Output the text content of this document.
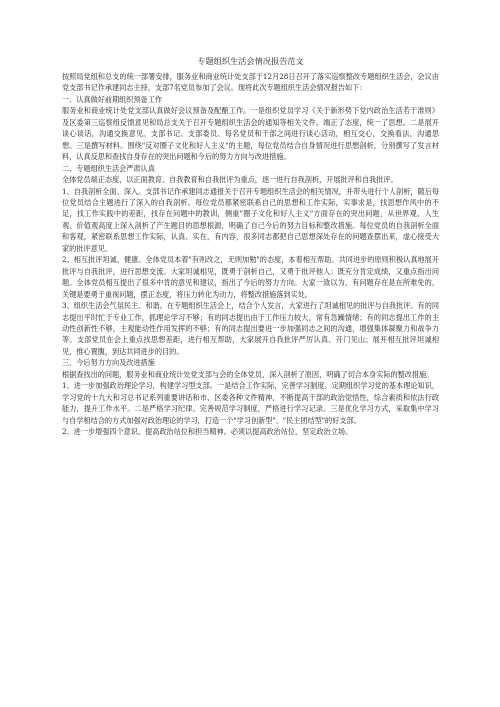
专题组织生活会情况报告范文

按照局党组和总支的统一部署安排，服务业和商业统计处支部于12月28日召开了落实巡察整改专题组织生活会，会议由党支部书记作承建同志主持，支部7名党员参加了会议。现将此次专题组织生活会情况报告如下：

一、认真做好前期组织预备工作

服务业和商业统计处党支部认真做好会议预备及配酿工作。一是组织党员学习《关于新形势下党内政治生活若干准则》及区委第三巡察组反馈意见和局总支关于召开专题组织生活会的通知等相关文件，端正了态度，统一了思想。二是展开谈心谈话，沟通交换意见。支部书记、支部委员、每名党员和干部之间进行谈心活动，相互交心，交换看法，沟通思想。三是撰写材料。围绕"反对圈子文化和好人主义"的主题，每位党员结合自身情况进行思想剖析，分别撰写了发言材料，认真反思和查找自身存在的突出问题和今后的努力方向与改进措施。

二、专题组织生活会严肃认真

全体党员端正态度，以正面教育、自我教育和自我批评为重点，逐一进行自我剖析，开展批评和自我批评。

1、自我剖析全面、深入。支部书记作承建同志通报关于召开专题组织生活会的相关情况，并带头进行个人剖析，随后每位党员结合主题进行了深入的自我剖析。每位党员都紧密联系自己的思想和工作实际，实事求是，找思想作风中的不足，找工作实践中的差距，找存在问题中的教训，侧重"圈子文化和好人主义"方面存在的突出问题，从世界观、人生观、价值观高度上深入剖析了产生题目的思想根源，明确了自己今后的努力目标和整改措施。每位党员的自我剖析全面和客观，紧密联系思想工作实际，认真、实在，有内容，很多同志都把自己思想深处存在的问题查摆出来，虚心接受大家的批评意见。

2、相互批评坦诚、健康。全体党员本着"有则改之，无则加勉"的态度，本着相互帮助、共同进步的原则积极认真地展开批评与自我批评，进行思想交流。大家坦诚相见，既勇于剖析自己，又勇于批评他人；既充分肯定成绩，又重点指出问题。全体党员相互提出了很多中肯的意见和建议，指出了今后的努力方向。大家一致以为，有问题存在是在所难免的，关键是要勇于重视问题，摆正态度，将压力转化为动力，将整改措施落到实处。

3、组织生活会气氛民主、和谐。在专题组织生活会上，结合个人发言，大家进行了坦诚相见的批评与自我批评。有的同志提出平时忙于专业工作，抓理论学习不够；有的同志提出由于工作压力较大，常有急躁情绪；有的同志提出工作的主动性创新性不够，主观能动性作用发挥的不够；有的同志提出要进一步加强同志之间的沟通，增强集体凝聚力和战争力等。支部党员在会上重点找思想差距，进行相互帮助，大家展开自我批评严厉认真、开门见山；展开相互批评坦诚相见，推心置腹，到达共同进步的目的。

三、今后努力方向及改进措施

根据查找出的问题，服务业和商业统计处党支部与会的全体党员，深入剖析了原因，明确了切合本身实际的整改措施。

1、进一步加强政治理论学习，构建学习型支部。一是结合工作实际，完善学习制度。定期组织学习党的基本理论知识，学习党的十九大和习总书记系列重要讲话和市、区委各种文件精神，不断提高干部的政治觉悟性，综合素质和依法行政能力，提升工作水平。二是严格学习纪律。完善规范学习制度，严格进行学习记录。三是优化学习方式，采取集中学习与自学相结合的方式加强对政治理论的学习，打造一个"学习创新型"、"民主团结型"的好支部。

2、进一步增强四个意识。提高政治站位和担当精神。必须以提高政治站位，坚定政治立场。
